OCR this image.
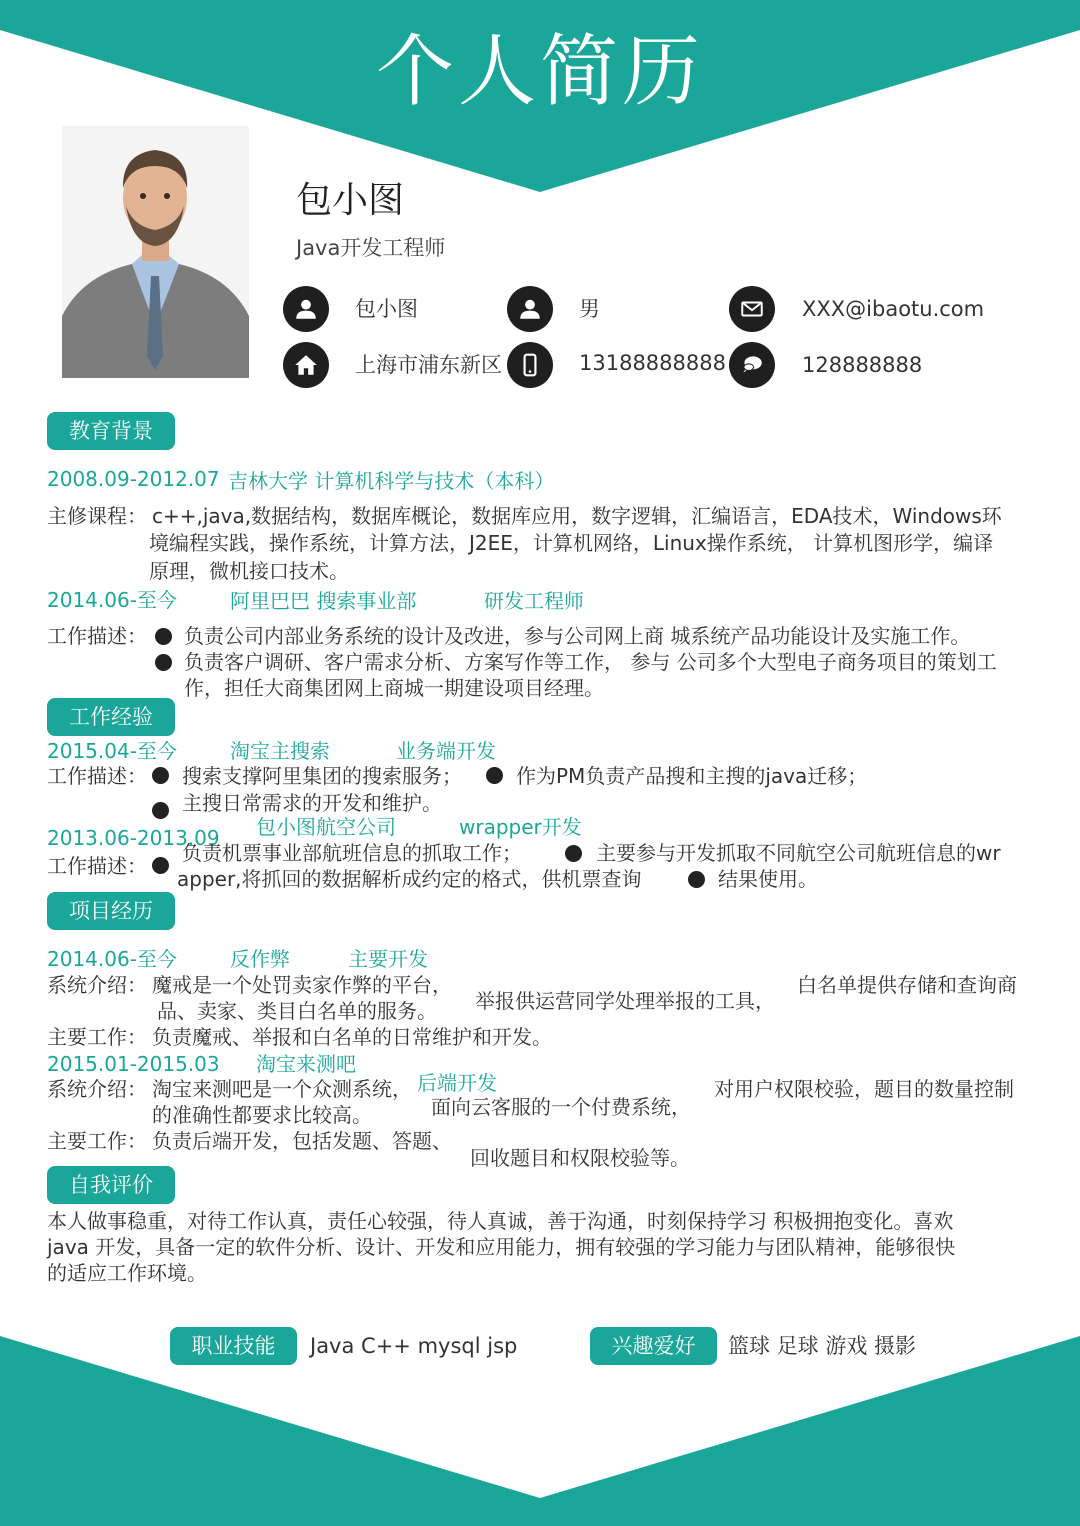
个人简历
包小图
Java开发工程师
包小图	男	XXX@ibaotu.com
上海市浦东新区	13188888888	128888888
教育背景
2008.09-2012.07 吉林大学 计算机科学与技术（本科）
主修课程： c++,java,数据结构，数据库概论，数据库应用，数字逻辑，汇编语言，EDA技术，Windows环
境编程实践，操作系统，计算方法，J2EE，计算机网络，Linux操作系统， 计算机图形学，编译
原理，微机接口技术。
2014.06-至今	阿里巴巴 搜索事业部	研发工程师
工作描述： 负责公司内部业务系统的设计及改进，参与公司网上商 城系统产品功能设计及实施工作。
负责客户调研、客户需求分析、方案写作等工作， 参与 公司多个大型电子商务项目的策划工
作，担任大商集团网上商城一期建设项目经理。
工作经验
2015.04-至今	淘宝主搜索	业务端开发
工作描述： 搜索支撑阿里集团的搜索服务；	作为PM负责产品搜和主搜的java迁移；
主搜日常需求的开发和维护。
2013.06-2013.09 包小图航空公司	wrapper开发
工作描述：
负责机票事业部航班信息的抓取工作；	主要参与开发抓取不同航空公司航班信息的wr
apper,将抓回的数据解析成约定的格式，供机票查询	结果使用。
项目经历
2014.06-至今	反作弊	主要开发
系统介绍： 魔戒是一个处罚卖家作弊的平台，
举报供运营同学处理举报的工具，
白名单提供存储和查询商
品、卖家、类目白名单的服务。
主要工作： 负责魔戒、举报和白名单的日常维护和开发。
2015.01-2015.03 淘宝来测吧
后端开发
系统介绍： 淘宝来测吧是一个众测系统，
面向云客服的一个付费系统，
对用户权限校验，题目的数量控制
的准确性都要求比较高。
主要工作： 负责后端开发，包括发题、答题、
回收题目和权限校验等。
自我评价
本人做事稳重，对待工作认真，责任心较强，待人真诚，善于沟通，时刻保持学习 积极拥抱变化。喜欢
java 开发，具备一定的软件分析、设计、开发和应用能力，拥有较强的学习能力与团队精神，能够很快
的适应工作环境。
职业技能	Java C++ mysql jsp	兴趣爱好	篮球 足球 游戏 摄影
